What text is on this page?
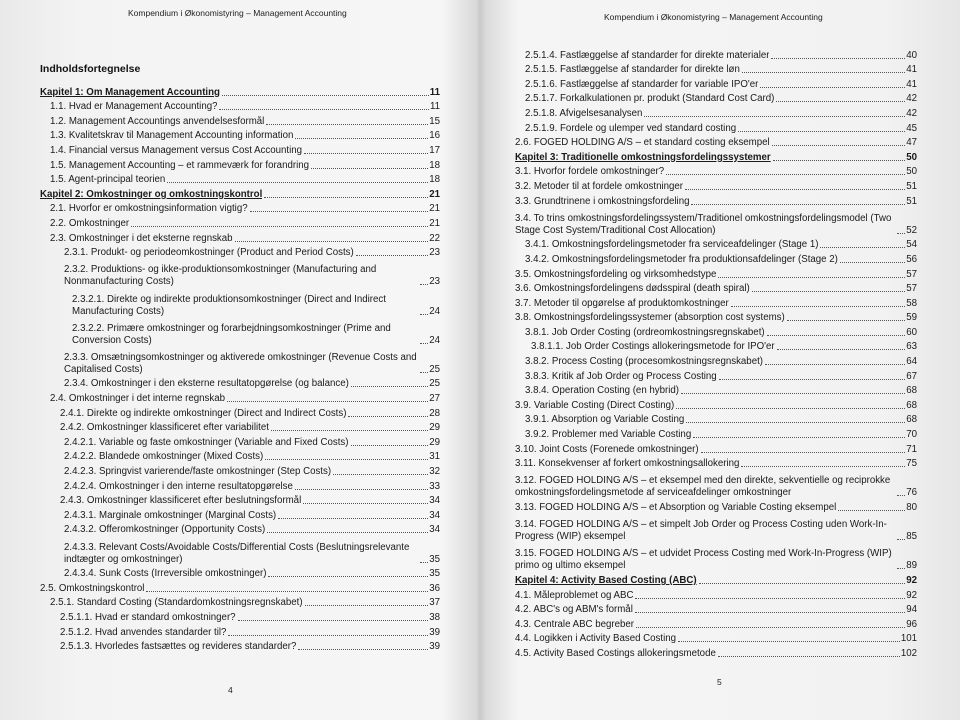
Kompendium i Økonomistyring – Management Accounting
Indholdsfortegnelse
Kapitel 1: Om Management Accounting	11
1.1. Hvad er Management Accounting?	11
1.2. Management Accountings anvendelsesformål	15
1.3. Kvalitetskrav til Management Accounting information	16
1.4. Financial versus Management versus Cost Accounting	17
1.5. Management Accounting – et rammeværk for forandring	18
1.5. Agent-principal teorien	18
Kapitel 2: Omkostninger og omkostningskontrol	21
2.1. Hvorfor er omkostningsinformation vigtig?	21
2.2. Omkostninger	21
2.3. Omkostninger i det eksterne regnskab	22
2.3.1. Produkt- og periodeomkostninger (Product and Period Costs)	23
2.3.2. Produktions- og ikke-produktionsomkostninger (Manufacturing and Nonmanufacturing Costs)	23
2.3.2.1. Direkte og indirekte produktionsomkostninger (Direct and Indirect Manufacturing Costs)	24
2.3.2.2. Primære omkostninger og forarbejdningsomkostninger (Prime and Conversion Costs)	24
2.3.3. Omsætningsomkostninger og aktiverede omkostninger (Revenue Costs and Capitalised Costs)	25
2.3.4. Omkostninger i den eksterne resultatopgørelse (og balance)	25
2.4. Omkostninger i det interne regnskab	27
2.4.1. Direkte og indirekte omkostninger (Direct and Indirect Costs)	28
2.4.2. Omkostninger klassificeret efter variabilitet	29
2.4.2.1. Variable og faste omkostninger (Variable and Fixed Costs)	29
2.4.2.2. Blandede omkostninger (Mixed Costs)	31
2.4.2.3. Springvist varierende/faste omkostninger (Step Costs)	32
2.4.2.4. Omkostninger i den interne resultatopgørelse	33
2.4.3. Omkostninger klassificeret efter beslutningsformål	34
2.4.3.1. Marginale omkostninger (Marginal Costs)	34
2.4.3.2. Offeromkostninger (Opportunity Costs)	34
2.4.3.3. Relevant Costs/Avoidable Costs/Differential Costs (Beslutningsrelevante indtægter og omkostninger)	35
2.4.3.4. Sunk Costs (Irreversible omkostninger)	35
2.5. Omkostningskontrol	36
2.5.1. Standard Costing (Standardomkostningsregnskabet)	37
2.5.1.1. Hvad er standard omkostninger?	38
2.5.1.2. Hvad anvendes standarder til?	39
2.5.1.3. Hvorledes fastsættes og revideres standarder?	39
4
Kompendium i Økonomistyring – Management Accounting
2.5.1.4. Fastlæggelse af standarder for direkte materialer	40
2.5.1.5. Fastlæggelse af standarder for direkte løn	41
2.5.1.6. Fastlæggelse af standarder for variable IPO'er	41
2.5.1.7. Forkalkulationen pr. produkt (Standard Cost Card)	42
2.5.1.8. Afvigelsesanalysen	42
2.5.1.9. Fordele og ulemper ved standard costing	45
2.6. FOGED HOLDING A/S – et standard costing eksempel	47
Kapitel 3: Traditionelle omkostningsfordelingssystemer	50
3.1. Hvorfor fordele omkostninger?	50
3.2. Metoder til at fordele omkostninger	51
3.3. Grundtrinene i omkostningsfordeling	51
3.4. To trins omkostningsfordelingssystem/Traditionel omkostningsfordelingsmodel (Two Stage Cost System/Traditional Cost Allocation)	52
3.4.1. Omkostningsfordelingsmetoder fra serviceafdelinger (Stage 1)	54
3.4.2. Omkostningsfordelingsmetoder fra produktionsafdelinger (Stage 2)	56
3.5. Omkostningsfordeling og virksomhedstype	57
3.6. Omkostningsfordelingens dødsspiral (death spiral)	57
3.7. Metoder til opgørelse af produktomkostninger	58
3.8. Omkostningsfordelingssystemer (absorption cost systems)	59
3.8.1. Job Order Costing (ordreomkostningsregnskabet)	60
3.8.1.1. Job Order Costings allokeringsmetode for IPO'er	63
3.8.2. Process Costing (procesomkostningsregnskabet)	64
3.8.3. Kritik af Job Order og Process Costing	67
3.8.4. Operation Costing (en hybrid)	68
3.9. Variable Costing (Direct Costing)	68
3.9.1. Absorption og Variable Costing	68
3.9.2. Problemer med Variable Costing	70
3.10. Joint Costs (Forenede omkostninger)	71
3.11. Konsekvenser af forkert omkostningsallokering	75
3.12. FOGED HOLDING A/S – et eksempel med den direkte, sekventielle og reciprokke omkostningsfordelingsmetode af serviceafdelinger omkostninger	76
3.13. FOGED HOLDING A/S – et Absorption og Variable Costing eksempel	80
3.14. FOGED HOLDING A/S – et simpelt Job Order og Process Costing uden Work-In-Progress (WIP) eksempel	85
3.15. FOGED HOLDING A/S – et udvidet Process Costing med Work-In-Progress (WIP) primo og ultimo eksempel	89
Kapitel 4: Activity Based Costing (ABC)	92
4.1. Måleproblemet og ABC	92
4.2. ABC's og ABM's formål	94
4.3. Centrale ABC begreber	96
4.4. Logikken i Activity Based Costing	101
4.5. Activity Based Costings allokeringsmetode	102
5
